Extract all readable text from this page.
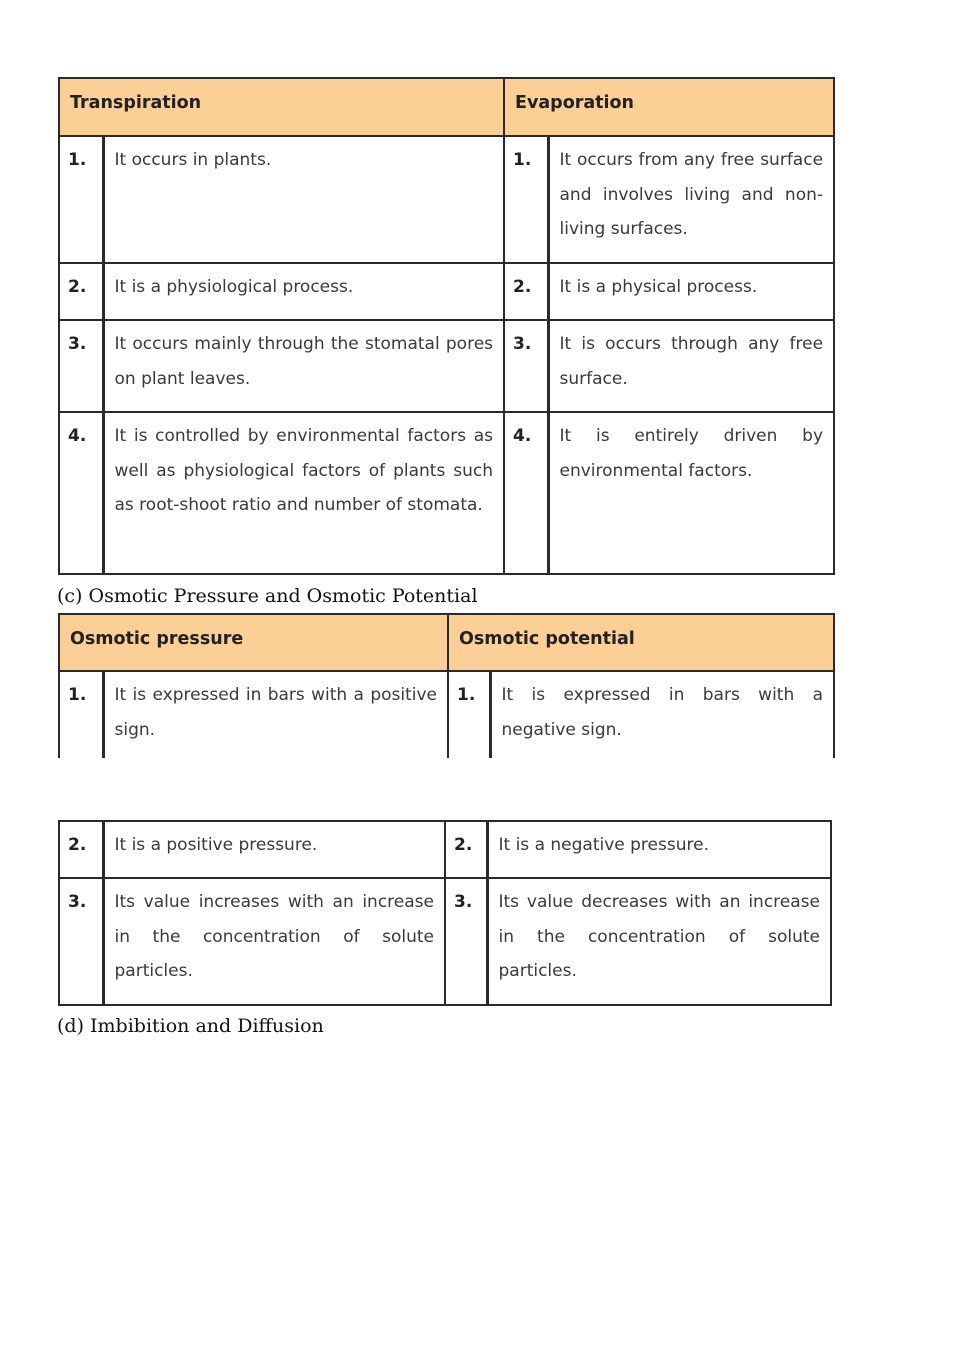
Transpiration		Evaporation	
1.	It occurs in plants.	1.	It occurs from any free surface and involves living and non-living surfaces.
2.	It is a physiological process.	2.	It is a physical process.
3.	It occurs mainly through the stomatal pores on plant leaves.	3.	It is occurs through any free surface.
4.	It is controlled by environmental factors as well as physiological factors of plants such as root-shoot ratio and number of stomata.	4.	It is entirely driven by environmental factors.
(c) Osmotic Pressure and Osmotic Potential
Osmotic pressure		Osmotic potential	
1.	It is expressed in bars with a positive sign.	1.	It is expressed in bars with a negative sign.
2.	It is a positive pressure.	2.	It is a negative pressure.
3.	Its value increases with an increase in the concentration of solute particles.	3.	Its value decreases with an increase in the concentration of solute particles.
(d) Imbibition and Diffusion
